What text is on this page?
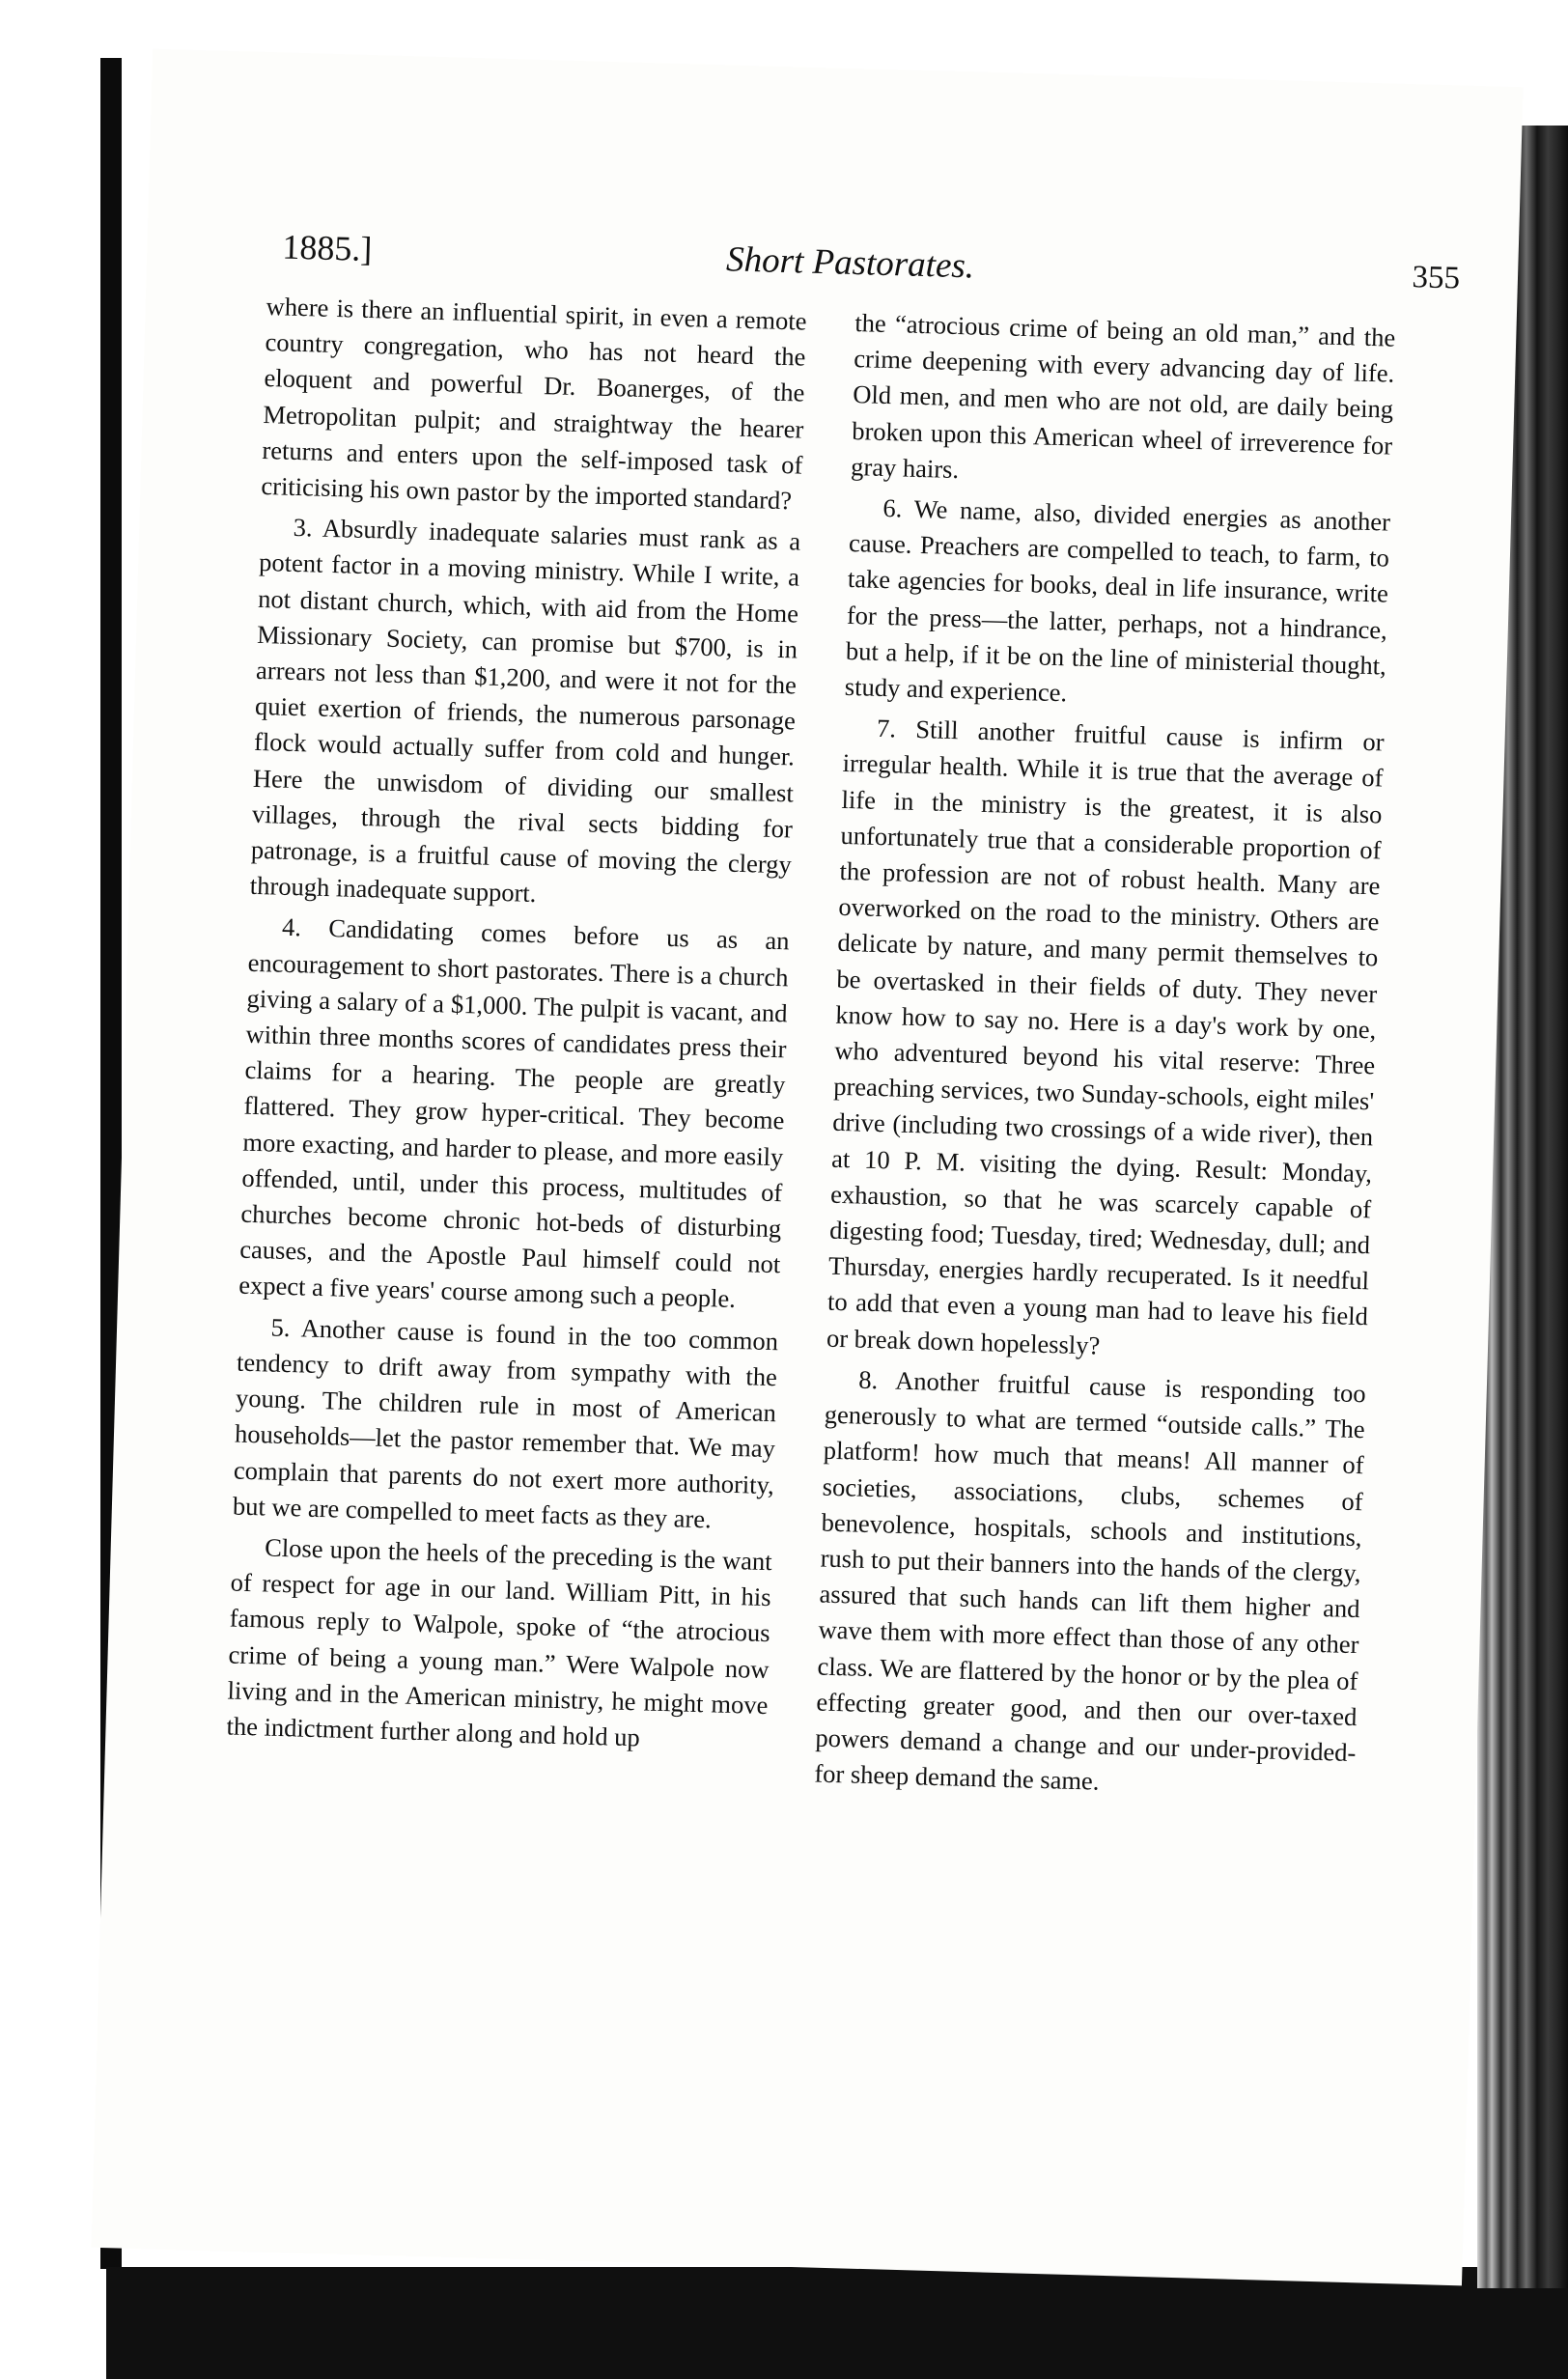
1885.]	Short Pastorates.	355

where is there an influential spirit, in even a remote country congregation, who has not heard the eloquent and powerful Dr. Boanerges, of the Metropolitan pulpit; and straightway the hearer returns and enters upon the self-imposed task of criticising his own pastor by the imported standard?

3. Absurdly inadequate salaries must rank as a potent factor in a moving ministry. While I write, a not distant church, which, with aid from the Home Missionary Society, can promise but $700, is in arrears not less than $1,200, and were it not for the quiet exertion of friends, the numerous parsonage flock would actually suffer from cold and hunger. Here the unwisdom of dividing our smallest villages, through the rival sects bidding for patronage, is a fruitful cause of moving the clergy through inadequate support.

4. Candidating comes before us as an encouragement to short pastorates. There is a church giving a salary of a $1,000. The pulpit is vacant, and within three months scores of candidates press their claims for a hearing. The people are greatly flattered. They grow hyper-critical. They become more exacting, and harder to please, and more easily offended, until, under this process, multitudes of churches become chronic hot-beds of disturbing causes, and the Apostle Paul himself could not expect a five years' course among such a people.

5. Another cause is found in the too common tendency to drift away from sympathy with the young. The children rule in most of American households—let the pastor remember that. We may complain that parents do not exert more authority, but we are compelled to meet facts as they are.

Close upon the heels of the preceding is the want of respect for age in our land. William Pitt, in his famous reply to Walpole, spoke of “the atrocious crime of being a young man.” Were Walpole now living and in the American ministry, he might move the indictment further along and hold up

the “atrocious crime of being an old man,” and the crime deepening with every advancing day of life. Old men, and men who are not old, are daily being broken upon this American wheel of irreverence for gray hairs.

6. We name, also, divided energies as another cause. Preachers are compelled to teach, to farm, to take agencies for books, deal in life insurance, write for the press—the latter, perhaps, not a hindrance, but a help, if it be on the line of ministerial thought, study and experience.

7. Still another fruitful cause is infirm or irregular health. While it is true that the average of life in the ministry is the greatest, it is also unfortunately true that a considerable proportion of the profession are not of robust health. Many are overworked on the road to the ministry. Others are delicate by nature, and many permit themselves to be overtasked in their fields of duty. They never know how to say no. Here is a day's work by one, who adventured beyond his vital reserve: Three preaching services, two Sunday-schools, eight miles' drive (including two crossings of a wide river), then at 10 P. M. visiting the dying. Result: Monday, exhaustion, so that he was scarcely capable of digesting food; Tuesday, tired; Wednesday, dull; and Thursday, energies hardly recuperated. Is it needful to add that even a young man had to leave his field or break down hopelessly?

8. Another fruitful cause is responding too generously to what are termed “outside calls.” The platform! how much that means! All manner of societies, associations, clubs, schemes of benevolence, hospitals, schools and institutions, rush to put their banners into the hands of the clergy, assured that such hands can lift them higher and wave them with more effect than those of any other class. We are flattered by the honor or by the plea of effecting greater good, and then our over-taxed powers demand a change and our under-provided-for sheep demand the same.
